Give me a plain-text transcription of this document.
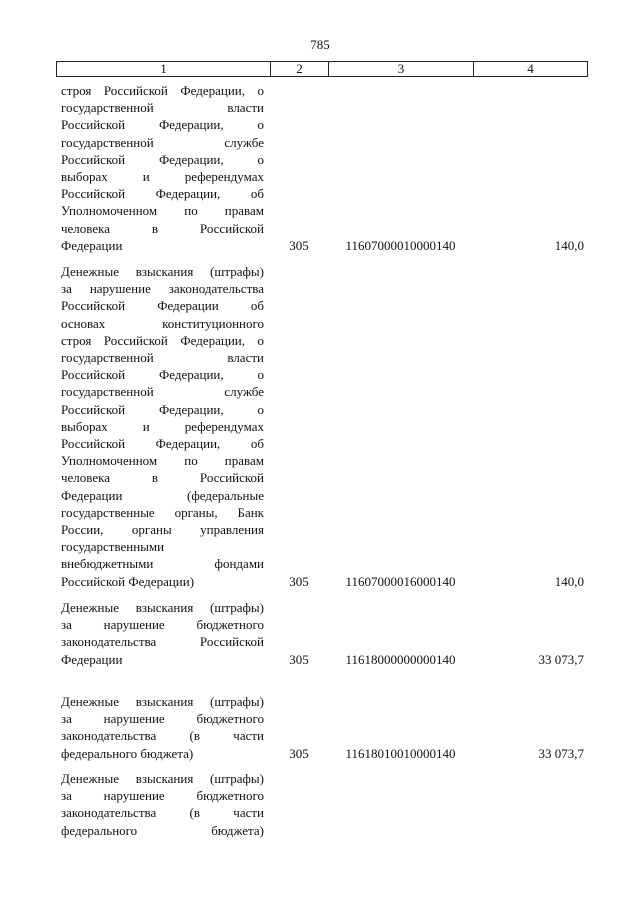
785
1	2	3	4
строя Российской Федерации, о
государственной власти
Российской Федерации, о
государственной службе
Российской Федерации, о
выборах и референдумах
Российской Федерации, об
Уполномоченном по правам
человека в Российской
Федерации	305	11607000010000140	140,0
Денежные взыскания (штрафы)
за нарушение законодательства
Российской Федерации об
основах конституционного
строя Российской Федерации, о
государственной власти
Российской Федерации, о
государственной службе
Российской Федерации, о
выборах и референдумах
Российской Федерации, об
Уполномоченном по правам
человека в Российской
Федерации (федеральные
государственные органы, Банк
России, органы управления
государственными
внебюджетными фондами
Российской Федерации)	305	11607000016000140	140,0
Денежные взыскания (штрафы)
за нарушение бюджетного
законодательства Российской
Федерации	305	11618000000000140	33 073,7
Денежные взыскания (штрафы)
за нарушение бюджетного
законодательства (в части
федерального бюджета)	305	11618010010000140	33 073,7
Денежные взыскания (штрафы)
за нарушение бюджетного
законодательства (в части
федерального бюджета)
